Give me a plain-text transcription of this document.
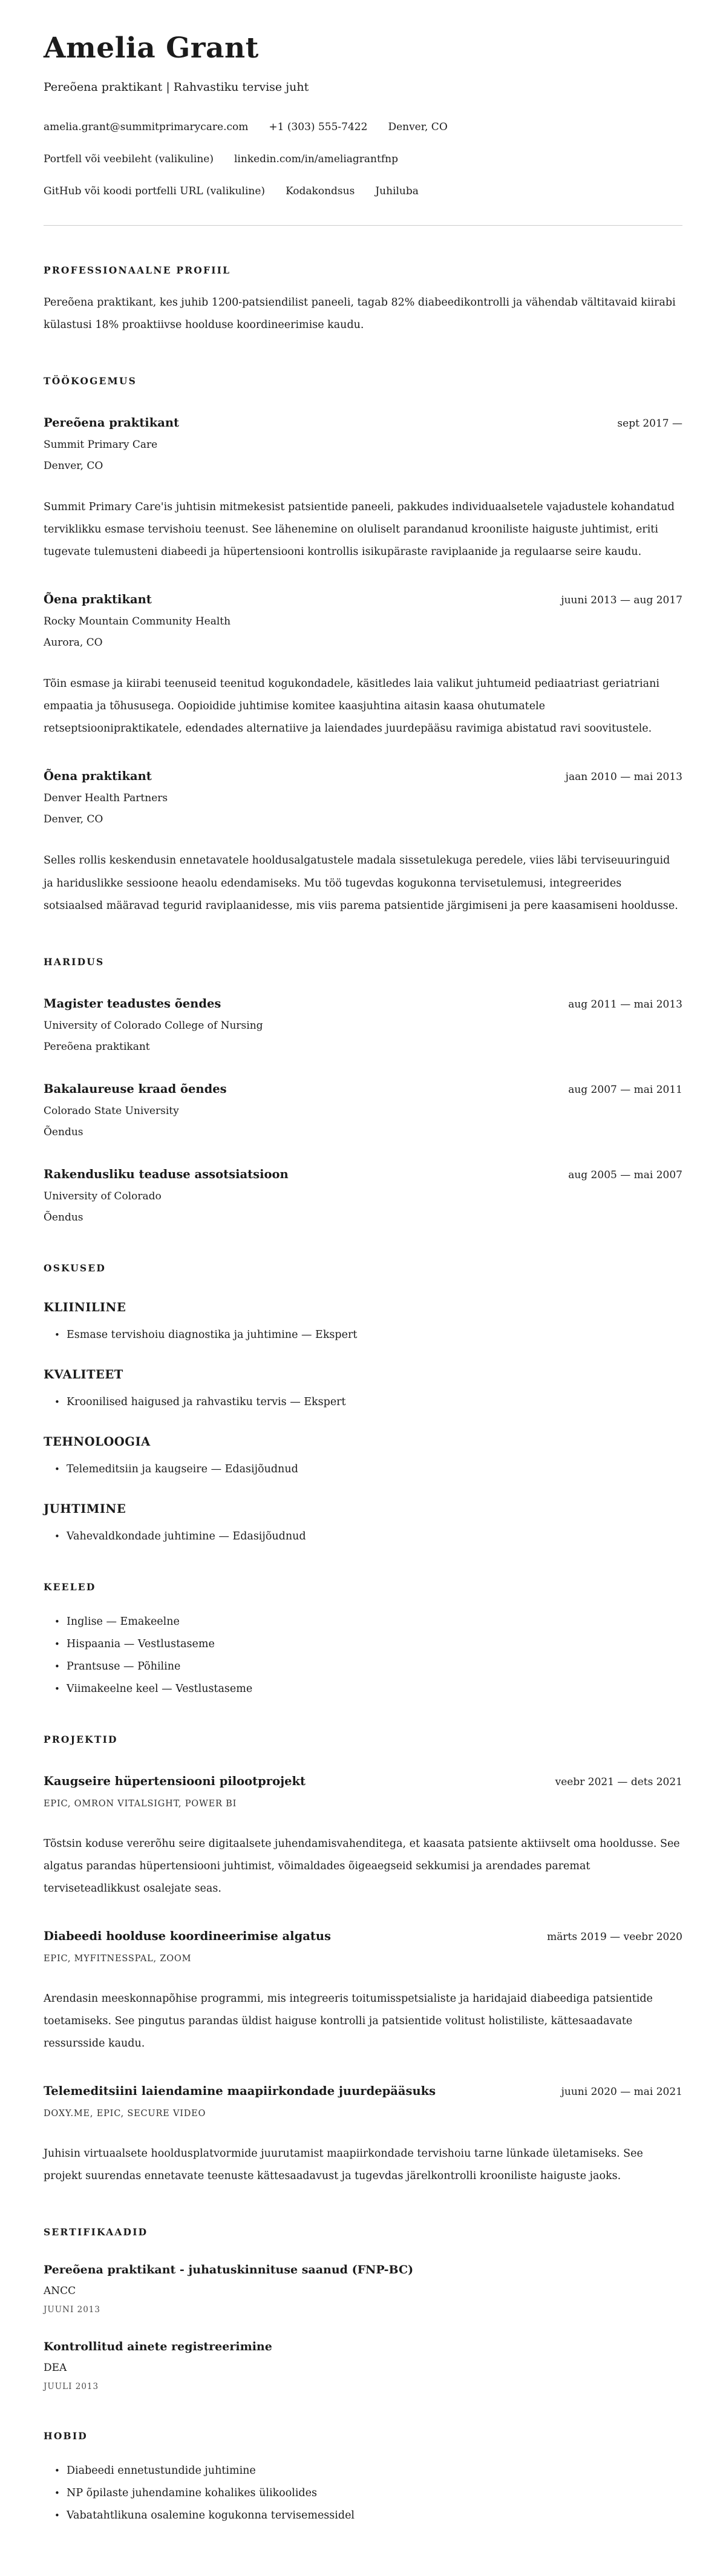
Amelia Grant
Pereõena praktikant | Rahvastiku tervise juht
amelia.grant@summitprimarycare.com +1 (303) 555-7422 Denver, CO
Portfell või veebileht (valikuline) linkedin.com/in/ameliagrantfnp
GitHub või koodi portfelli URL (valikuline) Kodakondsus Juhiluba
PROFESSIONAALNE PROFIIL

Pereõena praktikant, kes juhib 1200-patsiendilist paneeli, tagab 82% diabeedikontrolli ja vähendab vältitavaid kiirabi külastusi 18% proaktiivse hoolduse koordineerimise kaudu.

TÖÖKOGEMUS
Pereõena praktikant	sept 2017 —
Summit Primary Care
Denver, CO

Summit Primary Care'is juhtisin mitmekesist patsientide paneeli, pakkudes individuaalsetele vajadustele kohandatud terviklikku esmase tervishoiu teenust. See lähenemine on oluliselt parandanud krooniliste haiguste juhtimist, eriti tugevate tulemusteni diabeedi ja hüpertensiooni kontrollis isikupäraste raviplaanide ja regulaarse seire kaudu.

Õena praktikant	juuni 2013 — aug 2017
Rocky Mountain Community Health
Aurora, CO

Tõin esmase ja kiirabi teenuseid teenitud kogukondadele, käsitledes laia valikut juhtumeid pediaatriast geriatriani empaatia ja tõhususega. Oopioidide juhtimise komitee kaasjuhtina aitasin kaasa ohutumatele retseptsioonipraktikatele, edendades alternatiive ja laiendades juurdepääsu ravimiga abistatud ravi soovitustele.

Õena praktikant	jaan 2010 — mai 2013
Denver Health Partners
Denver, CO

Selles rollis keskendusin ennetavatele hooldusalgatustele madala sissetulekuga peredele, viies läbi terviseuuringuid ja hariduslikke sessioone heaolu edendamiseks. Mu töö tugevdas kogukonna tervisetulemusi, integreerides sotsiaalsed määravad tegurid raviplaanidesse, mis viis parema patsientide järgimiseni ja pere kaasamiseni hooldusse.

HARIDUS
Magister teadustes õendes	aug 2011 — mai 2013
University of Colorado College of Nursing
Pereõena praktikant
Bakalaureuse kraad õendes	aug 2007 — mai 2011
Colorado State University
Õendus
Rakendusliku teaduse assotsiatsioon	aug 2005 — mai 2007
University of Colorado
Õendus
OSKUSED
KLIINILINE
• Esmase tervishoiu diagnostika ja juhtimine — Ekspert
KVALITEET
• Kroonilised haigused ja rahvastiku tervis — Ekspert
TEHNOLOOGIA
• Telemeditsiin ja kaugseire — Edasijõudnud
JUHTIMINE
• Vahevaldkondade juhtimine — Edasijõudnud
KEELED
• Inglise — Emakeelne
• Hispaania — Vestlustaseme
• Prantsuse — Põhiline
• Viimakeelne keel — Vestlustaseme
PROJEKTID
Kaugseire hüpertensiooni pilootprojekt	veebr 2021 — dets 2021
EPIC, OMRON VITALSIGHT, POWER BI

Tõstsin koduse vererõhu seire digitaalsete juhendamisvahenditega, et kaasata patsiente aktiivselt oma hooldusse. See algatus parandas hüpertensiooni juhtimist, võimaldades õigeaegseid sekkumisi ja arendades paremat terviseteadlikkust osalejate seas.

Diabeedi hoolduse koordineerimise algatus	märts 2019 — veebr 2020
EPIC, MYFITNESSPAL, ZOOM

Arendasin meeskonnapõhise programmi, mis integreeris toitumisspetsialiste ja haridajaid diabeediga patsientide toetamiseks. See pingutus parandas üldist haiguse kontrolli ja patsientide volitust holistiliste, kättesaadavate ressursside kaudu.

Telemeditsiini laiendamine maapiirkondade juurdepääsuks	juuni 2020 — mai 2021
DOXY.ME, EPIC, SECURE VIDEO

Juhisin virtuaalsete hooldusplatvormide juurutamist maapiirkondade tervishoiu tarne lünkade ületamiseks. See projekt suurendas ennetavate teenuste kättesaadavust ja tugevdas järelkontrolli krooniliste haiguste jaoks.

SERTIFIKAADID
Pereõena praktikant - juhatuskinnituse saanud (FNP-BC)
ANCC
JUUNI 2013
Kontrollitud ainete registreerimine
DEA
JUULI 2013
HOBID
• Diabeedi ennetustundide juhtimine
• NP õpilaste juhendamine kohalikes ülikoolides
• Vabatahtlikuna osalemine kogukonna tervisemessidel
